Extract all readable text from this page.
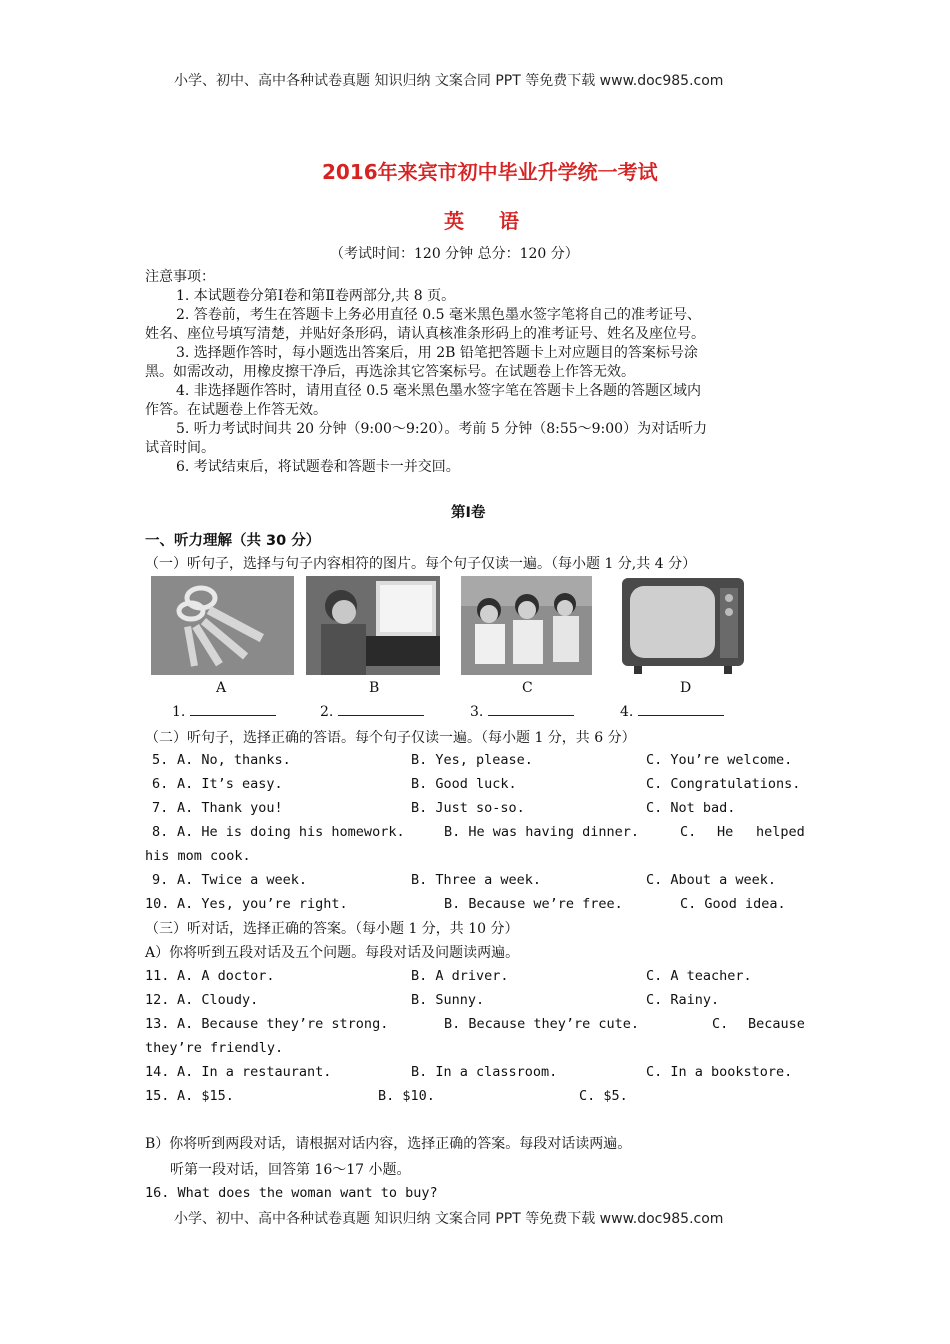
小学、初中、高中各种试卷真题 知识归纳 文案合同 PPT 等免费下载 www.doc985.com
2016年来宾市初中毕业升学统一考试
英 语
（考试时间：120 分钟 总分：120 分）
注意事项：
1. 本试题卷分第Ⅰ卷和第Ⅱ卷两部分,共 8 页。
2. 答卷前，考生在答题卡上务必用直径 0.5 毫米黑色墨水签字笔将自己的准考证号、
姓名、座位号填写清楚，并贴好条形码，请认真核准条形码上的准考证号、姓名及座位号。
3. 选择题作答时，每小题选出答案后，用 2B 铅笔把答题卡上对应题目的答案标号涂
黑。如需改动，用橡皮擦干净后，再选涂其它答案标号。在试题卷上作答无效。
4. 非选择题作答时，请用直径 0.5 毫米黑色墨水签字笔在答题卡上各题的答题区域内
作答。在试题卷上作答无效。
5. 听力考试时间共 20 分钟（9:00～9:20）。考前 5 分钟（8:55～9:00）为对话听力
试音时间。
6. 考试结束后，将试题卷和答题卡一并交回。
第Ⅰ卷
一、听力理解（共 30 分）
（一）听句子，选择与句子内容相符的图片。每个句子仅读一遍。（每小题 1 分,共 4 分）
A	B	C	D
1.	2.	3.	4.
（二）听句子，选择正确的答语。每个句子仅读一遍。（每小题 1 分，共 6 分）
5. A. No, thanks.	B. Yes, please.	C. You’re welcome.
6. A. It’s easy.	B. Good luck.	C. Congratulations.
7. A. Thank you!	B. Just so-so.	C. Not bad.
8. A. He is doing his homework.	B. He was having dinner.	C. He helped
his mom cook.
9. A. Twice a week.	B. Three a week.	C. About a week.
10. A. Yes, you’re right.	B. Because we’re free.	C. Good idea.
（三）听对话，选择正确的答案。（每小题 1 分，共 10 分）
A）你将听到五段对话及五个问题。每段对话及问题读两遍。
11. A. A doctor.	B. A driver.	C. A teacher.
12. A. Cloudy.	B. Sunny.	C. Rainy.
13. A. Because they’re strong.	B. Because they’re cute.	C. Because
they’re friendly.
14. A. In a restaurant.	B. In a classroom.	C. In a bookstore.
15. A. $15.	B. $10.	C. $5.
B）你将听到两段对话，请根据对话内容，选择正确的答案。每段对话读两遍。
听第一段对话，回答第 16～17 小题。
16. What does the woman want to buy?
小学、初中、高中各种试卷真题 知识归纳 文案合同 PPT 等免费下载 www.doc985.com
